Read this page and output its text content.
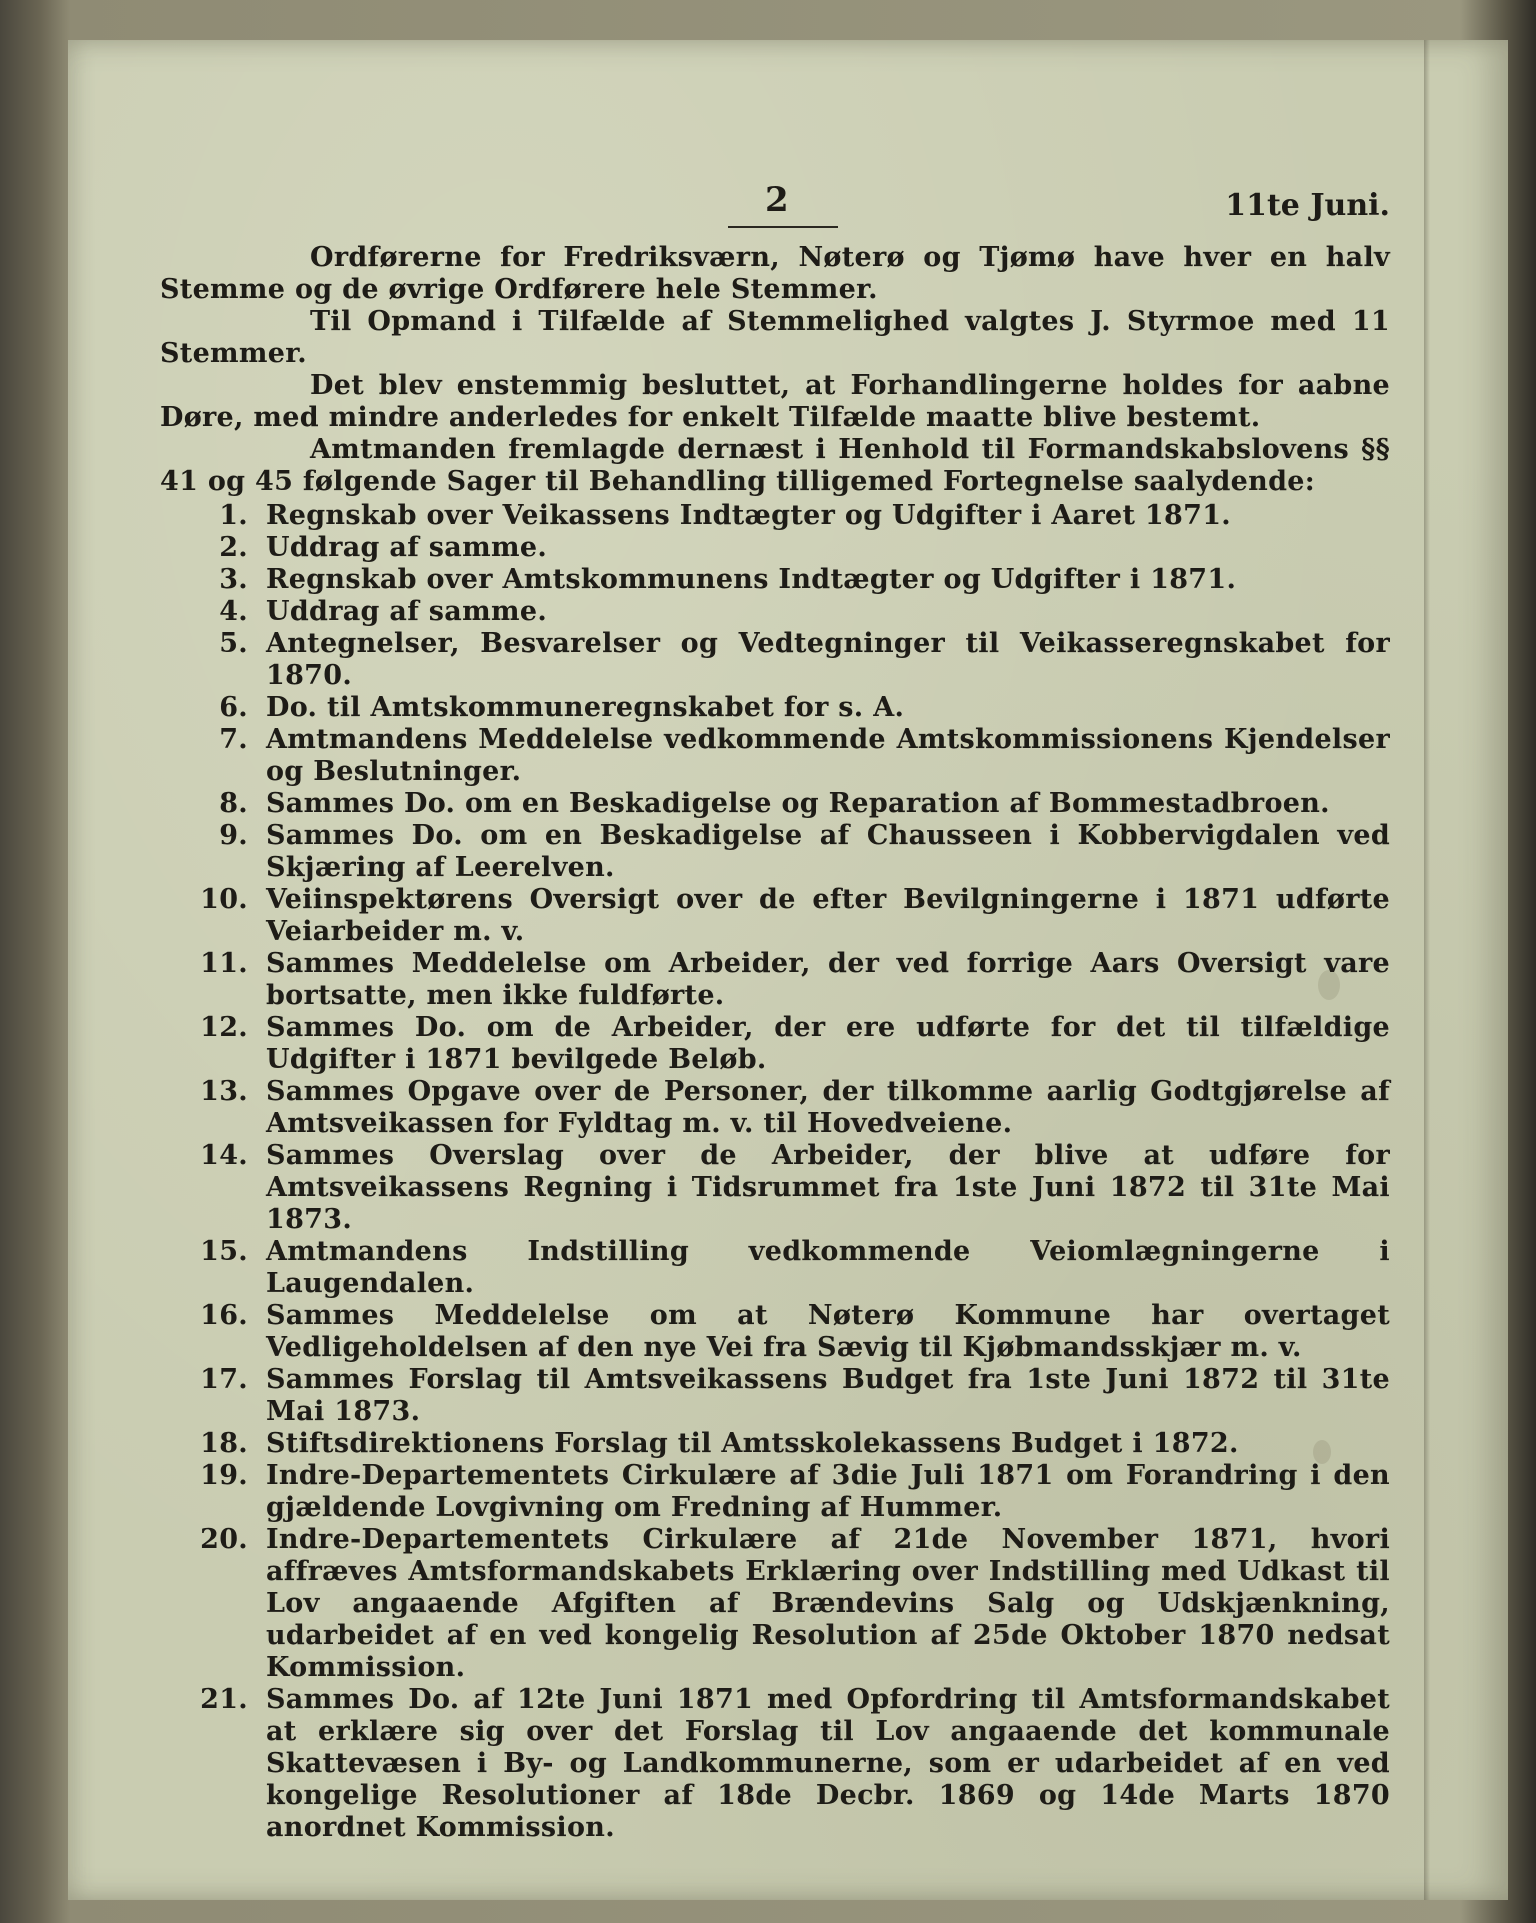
2	11te Juni.

Ordførerne for Fredriksværn, Nøterø og Tjømø have hver en halv Stemme og de øvrige Ordførere hele Stemmer.

Til Opmand i Tilfælde af Stemmelighed valgtes J. Styrmoe med 11 Stemmer.

Det blev enstemmig besluttet, at Forhandlingerne holdes for aabne Døre, med mindre anderledes for enkelt Tilfælde maatte blive bestemt.

Amtmanden fremlagde dernæst i Henhold til Formandskabslovens §§ 41 og 45 følgende Sager til Behandling tilligemed Fortegnelse saalydende:

1. Regnskab over Veikassens Indtægter og Udgifter i Aaret 1871.
2. Uddrag af samme.
3. Regnskab over Amtskommunens Indtægter og Udgifter i 1871.
4. Uddrag af samme.
5. Antegnelser, Besvarelser og Vedtegninger til Veikasseregnskabet for 1870.
6. Do. til Amtskommuneregnskabet for s. A.
7. Amtmandens Meddelelse vedkommende Amtskommissionens Kjendelser og Beslutninger.
8. Sammes Do. om en Beskadigelse og Reparation af Bommestadbroen.
9. Sammes Do. om en Beskadigelse af Chausseen i Kobbervigdalen ved Skjæring af Leerelven.
10. Veiinspektørens Oversigt over de efter Bevilgningerne i 1871 udførte Veiarbeider m. v.
11. Sammes Meddelelse om Arbeider, der ved forrige Aars Oversigt vare bortsatte, men ikke fuldførte.
12. Sammes Do. om de Arbeider, der ere udførte for det til tilfældige Udgifter i 1871 bevilgede Beløb.
13. Sammes Opgave over de Personer, der tilkomme aarlig Godtgjørelse af Amtsveikassen for Fyldtag m. v. til Hovedveiene.
14. Sammes Overslag over de Arbeider, der blive at udføre for Amtsveikassens Regning i Tidsrummet fra 1ste Juni 1872 til 31te Mai 1873.
15. Amtmandens Indstilling vedkommende Veiomlægningerne i Laugendalen.
16. Sammes Meddelelse om at Nøterø Kommune har overtaget Vedligeholdelsen af den nye Vei fra Sævig til Kjøbmandsskjær m. v.
17. Sammes Forslag til Amtsveikassens Budget fra 1ste Juni 1872 til 31te Mai 1873.
18. Stiftsdirektionens Forslag til Amtsskolekassens Budget i 1872.
19. Indre-Departementets Cirkulære af 3die Juli 1871 om Forandring i den gjældende Lovgivning om Fredning af Hummer.
20. Indre-Departementets Cirkulære af 21de November 1871, hvori affræves Amtsformandskabets Erklæring over Indstilling med Udkast til Lov angaaende Afgiften af Brændevins Salg og Udskjænkning, udarbeidet af en ved kongelig Resolution af 25de Oktober 1870 nedsat Kommission.
21. Sammes Do. af 12te Juni 1871 med Opfordring til Amtsformandskabet at erklære sig over det Forslag til Lov angaaende det kommunale Skattevæsen i By- og Landkommunerne, som er udarbeidet af en ved kongelige Resolutioner af 18de Decbr. 1869 og 14de Marts 1870 anordnet Kommission.
